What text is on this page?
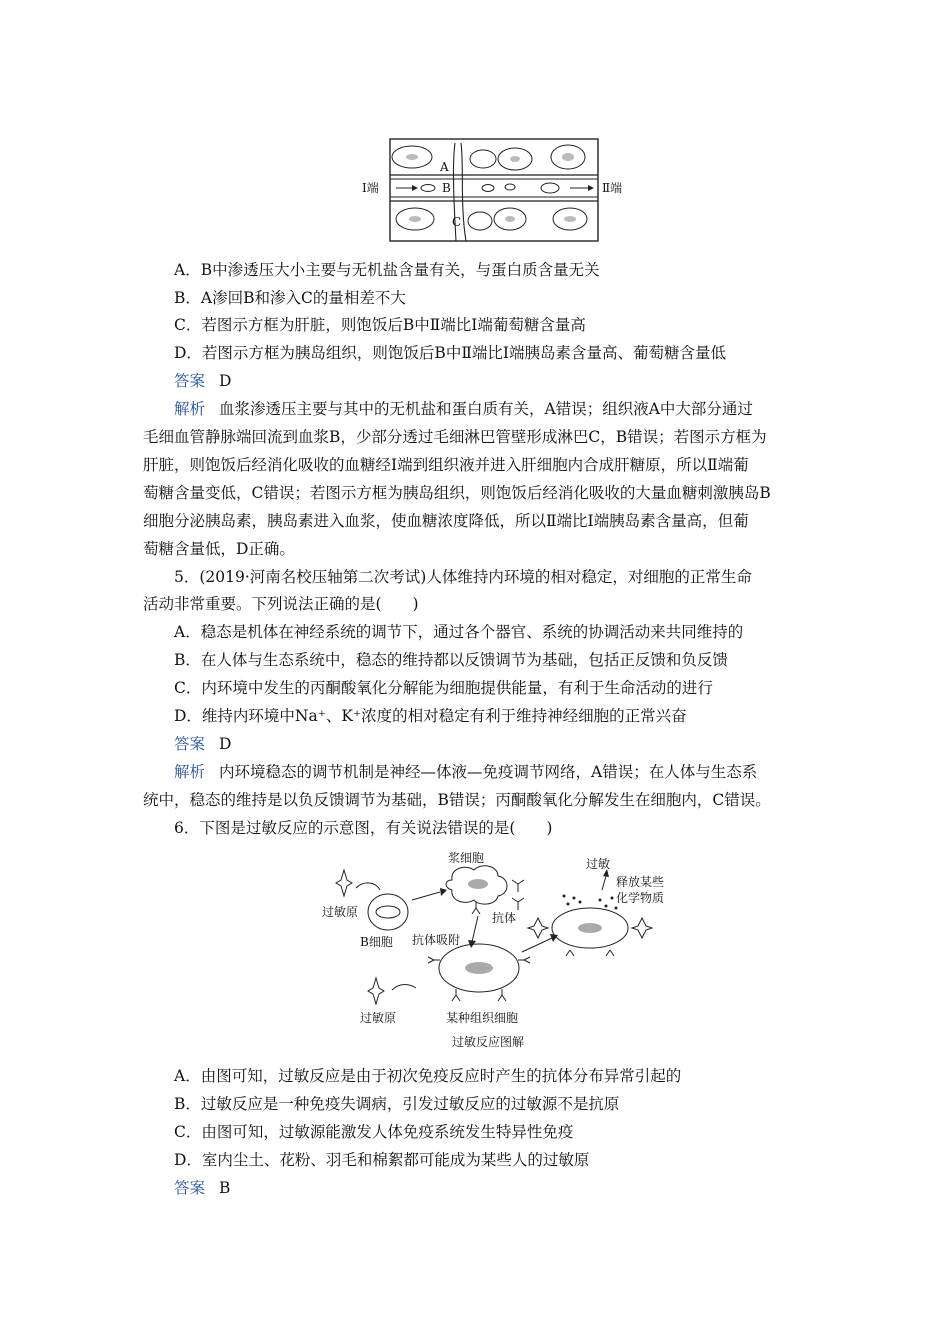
Ⅰ端	Ⅱ端
A
B
C
A．B中渗透压大小主要与无机盐含量有关，与蛋白质含量无关
B．A渗回B和渗入C的量相差不大
C．若图示方框为肝脏，则饱饭后B中Ⅱ端比Ⅰ端葡萄糖含量高
D．若图示方框为胰岛组织，则饱饭后B中Ⅱ端比Ⅰ端胰岛素含量高、葡萄糖含量低
答案 D
解析 血浆渗透压主要与其中的无机盐和蛋白质有关，A错误；组织液A中大部分通过
毛细血管静脉端回流到血浆B，少部分透过毛细淋巴管壁形成淋巴C，B错误；若图示方框为
肝脏，则饱饭后经消化吸收的血糖经Ⅰ端到组织液并进入肝细胞内合成肝糖原，所以Ⅱ端葡
萄糖含量变低，C错误；若图示方框为胰岛组织，则饱饭后经消化吸收的大量血糖刺激胰岛B
细胞分泌胰岛素，胰岛素进入血浆，使血糖浓度降低，所以Ⅱ端比Ⅰ端胰岛素含量高，但葡
萄糖含量低，D正确。
5．(2019·河南名校压轴第二次考试)人体维持内环境的相对稳定，对细胞的正常生命
活动非常重要。下列说法正确的是(　　)
A．稳态是机体在神经系统的调节下，通过各个器官、系统的协调活动来共同维持的
B．在人体与生态系统中，稳态的维持都以反馈调节为基础，包括正反馈和负反馈
C．内环境中发生的丙酮酸氧化分解能为细胞提供能量，有利于生命活动的进行
D．维持内环境中Na⁺、K⁺浓度的相对稳定有利于维持神经细胞的正常兴奋
答案 D
解析 内环境稳态的调节机制是神经—体液—免疫调节网络，A错误；在人体与生态系
统中，稳态的维持是以负反馈调节为基础，B错误；丙酮酸氧化分解发生在细胞内，C错误。
6．下图是过敏反应的示意图，有关说法错误的是(　　)
过敏原
B细胞
浆细胞
抗体
抗体吸附
过敏原	某种组织细胞
过敏反应图解
过敏
释放某些
化学物质
A．由图可知，过敏反应是由于初次免疫反应时产生的抗体分布异常引起的
B．过敏反应是一种免疫失调病，引发过敏反应的过敏源不是抗原
C．由图可知，过敏源能激发人体免疫系统发生特异性免疫
D．室内尘土、花粉、羽毛和棉絮都可能成为某些人的过敏原
答案 B
